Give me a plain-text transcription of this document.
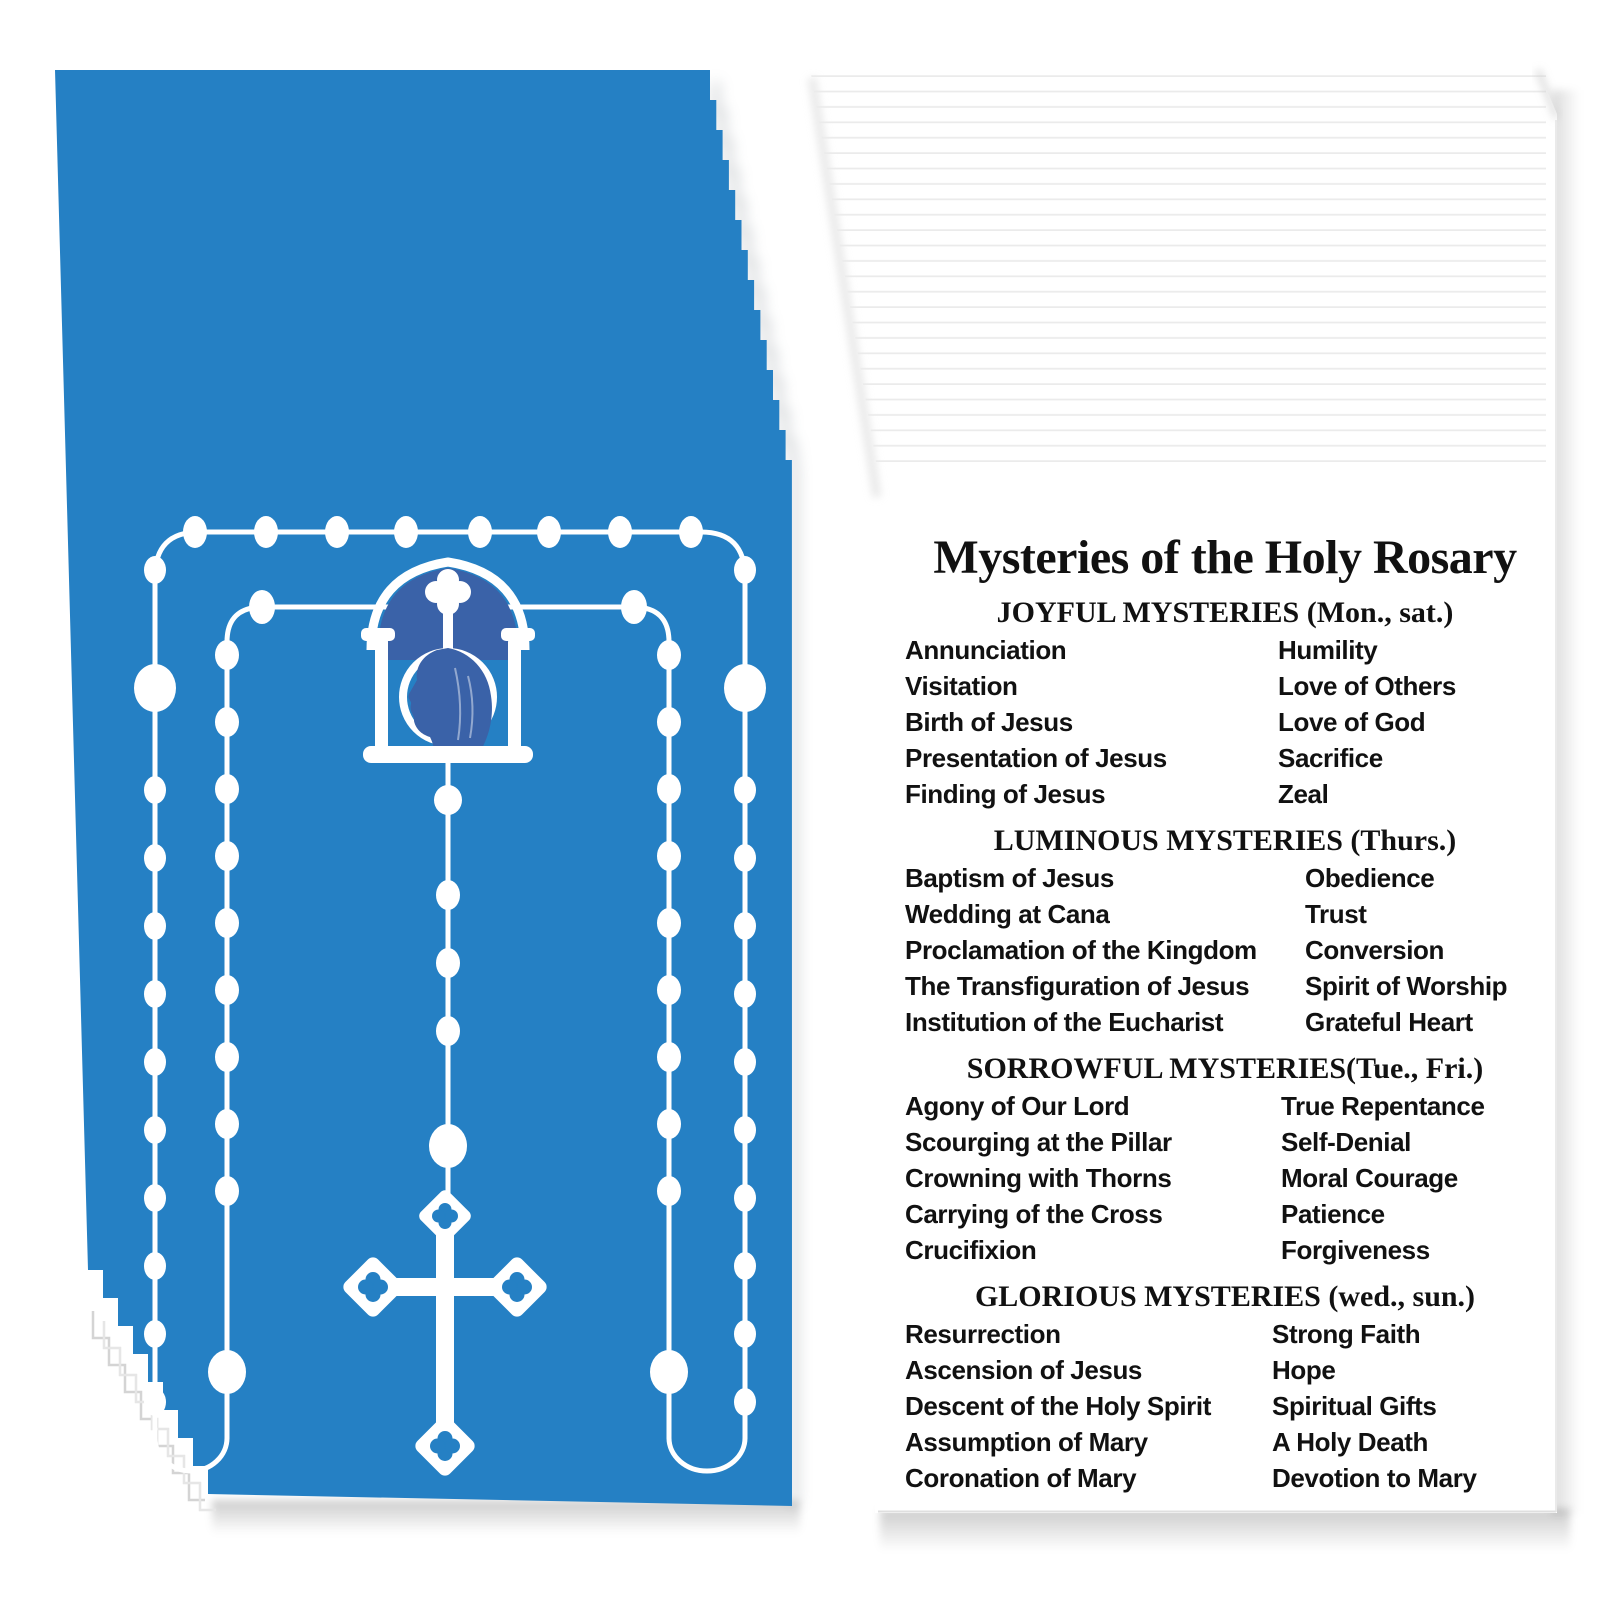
Mysteries of the Holy Rosary
JOYFUL MYSTERIES (Mon., sat.)
Annunciation	Humility
Visitation	Love of Others
Birth of Jesus	Love of God
Presentation of Jesus	Sacrifice
Finding of Jesus	Zeal
LUMINOUS MYSTERIES (Thurs.)
Baptism of Jesus	Obedience
Wedding at Cana	Trust
Proclamation of the Kingdom	Conversion
The Transfiguration of Jesus	Spirit of Worship
Institution of the Eucharist	Grateful Heart
SORROWFUL MYSTERIES(Tue., Fri.)
Agony of Our Lord	True Repentance
Scourging at the Pillar	Self-Denial
Crowning with Thorns	Moral Courage
Carrying of the Cross	Patience
Crucifixion	Forgiveness
GLORIOUS MYSTERIES (wed., sun.)
Resurrection	Strong Faith
Ascension of Jesus	Hope
Descent of the Holy Spirit	Spiritual Gifts
Assumption of Mary	A Holy Death
Coronation of Mary	Devotion to Mary
